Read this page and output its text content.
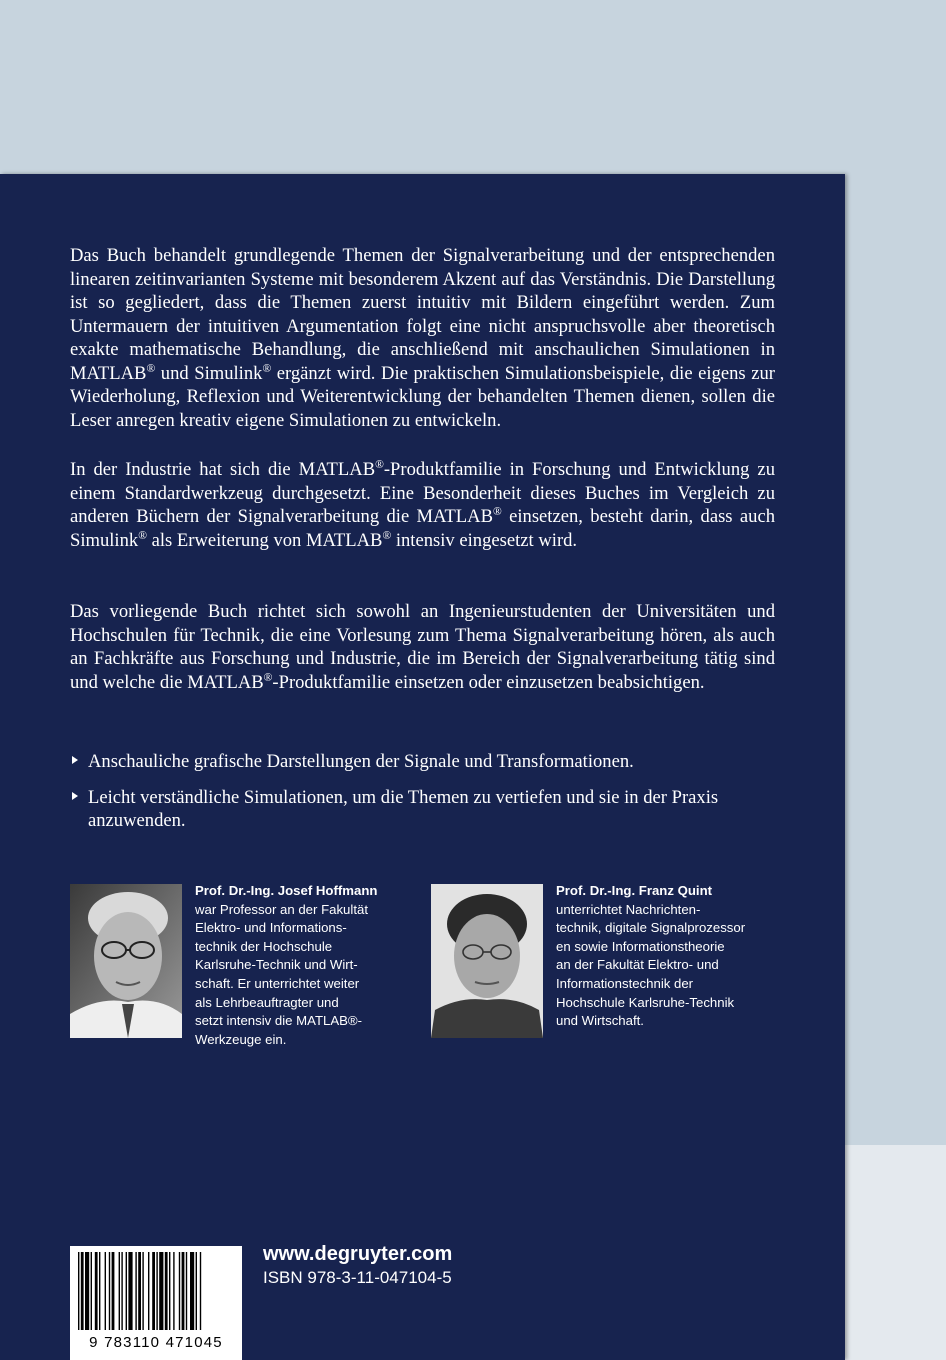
Das Buch behandelt grundlegende Themen der Signalverarbeitung und der entsprechenden linearen zeitinvarianten Systeme mit besonderem Akzent auf das Verständnis. Die Darstellung ist so gegliedert, dass die Themen zuerst intuitiv mit Bildern eingeführt werden. Zum Untermauern der intuitiven Argumentation folgt eine nicht anspruchsvolle aber theoretisch exakte mathematische Behandlung, die anschließend mit anschaulichen Simulationen in MATLAB® und Simulink® ergänzt wird. Die praktischen Simulationsbeispiele, die eigens zur Wiederholung, Reflexion und Weiterentwicklung der behandelten Themen dienen, sollen die Leser anregen kreativ eigene Simulationen zu entwickeln.

In der Industrie hat sich die MATLAB®-Produktfamilie in Forschung und Entwicklung zu einem Standardwerkzeug durchgesetzt. Eine Besonderheit dieses Buches im Vergleich zu anderen Büchern der Signalverarbeitung die MATLAB® einsetzen, besteht darin, dass auch Simulink® als Erweiterung von MATLAB® intensiv eingesetzt wird.

Das vorliegende Buch richtet sich sowohl an Ingenieurstudenten der Universitäten und Hochschulen für Technik, die eine Vorlesung zum Thema Signalverarbeitung hören, als auch an Fachkräfte aus Forschung und Industrie, die im Bereich der Signalverarbeitung tätig sind und welche die MATLAB®-Produktfamilie einsetzen oder einzusetzen beabsichtigen.

Anschauliche grafische Darstellungen der Signale und Transformationen.
Leicht verständliche Simulationen, um die Themen zu vertiefen und sie in der Praxis anzuwenden.
Prof. Dr.-Ing. Josef Hoffmann
war Professor an der Fakultät
Elektro- und Informations-
technik der Hochschule
Karlsruhe-Technik und Wirt-
schaft. Er unterrichtet weiter
als Lehrbeauftragter und
setzt intensiv die MATLAB®-
Werkzeuge ein.
Prof. Dr.-Ing. Franz Quint
unterrichtet Nachrichten-
technik, digitale Signalprozessor
en sowie Informationstheorie
an der Fakultät Elektro- und
Informationstechnik der
Hochschule Karlsruhe-Technik
und Wirtschaft.
9 783110 471045
www.degruyter.com
ISBN 978-3-11-047104-5
